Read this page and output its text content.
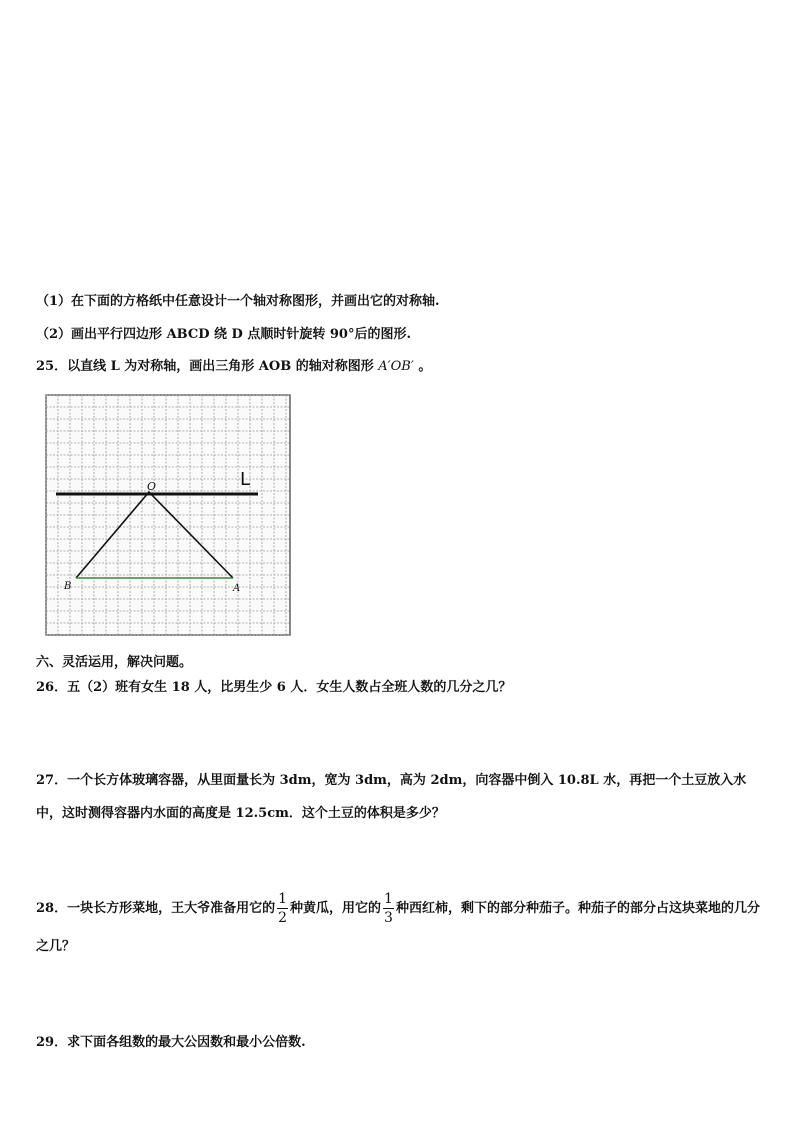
（1）在下面的方格纸中任意设计一个轴对称图形，并画出它的对称轴.
（2）画出平行四边形 ABCD 绕 D 点顺时针旋转 90°后的图形.
25．以直线 L 为对称轴，画出三角形 AOB 的轴对称图形 A′OB′ 。
L
O
B	A
六、灵活运用，解决问题。
26．五（2）班有女生 18 人，比男生少 6 人．女生人数占全班人数的几分之几？
27．一个长方体玻璃容器，从里面量长为 3dm，宽为 3dm，高为 2dm，向容器中倒入 10.8L 水，再把一个土豆放入水中，这时测得容器内水面的高度是 12.5cm．这个土豆的体积是多少？
28．一块长方形菜地，王大爷准备用它的 $\frac{1}{2}$ 种黄瓜，用它的 $\frac{1}{3}$ 种西红柿，剩下的部分种茄子。种茄子的部分占这块菜地的几分之几？
29．求下面各组数的最大公因数和最小公倍数.
